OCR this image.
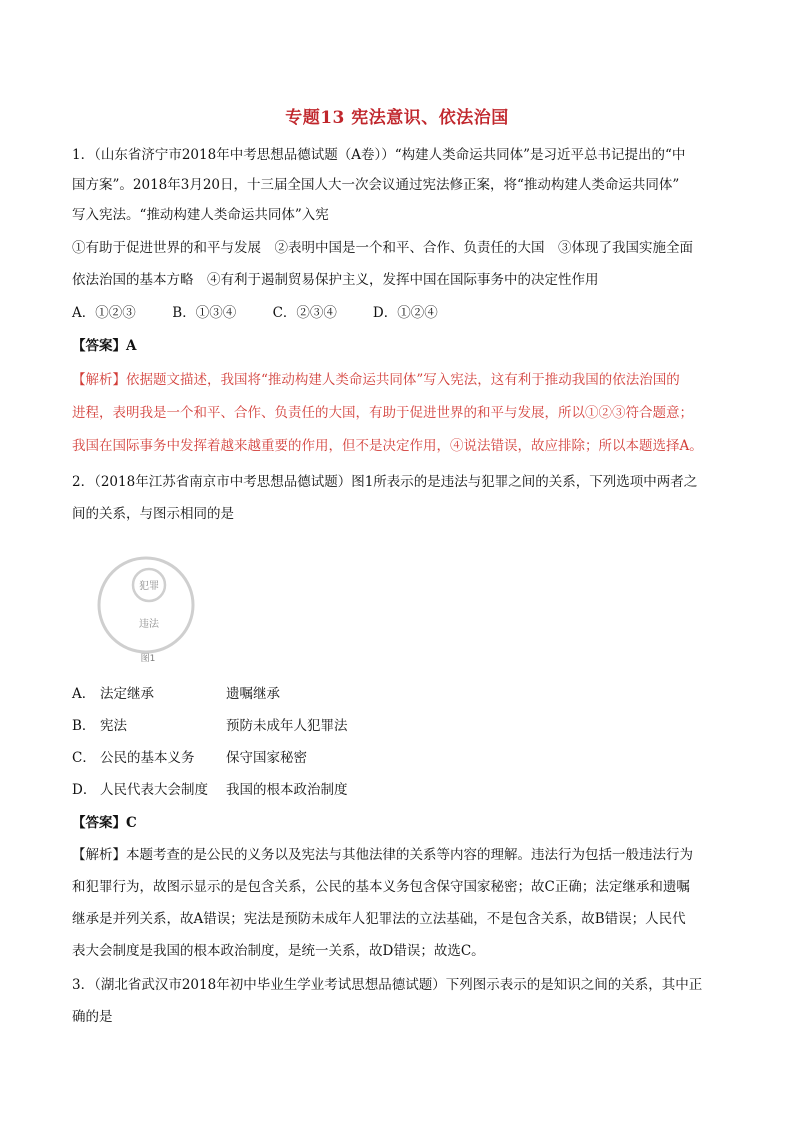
专题13 宪法意识、依法治国
1．（山东省济宁市2018年中考思想品德试题（A卷））“构建人类命运共同体”是习近平总书记提出的“中
国方案”。2018年3月20日，十三届全国人大一次会议通过宪法修正案，将“推动构建人类命运共同体”
写入宪法。“推动构建人类命运共同体”入宪
①有助于促进世界的和平与发展　②表明中国是一个和平、合作、负责任的大国　③体现了我国实施全面
依法治国的基本方略　④有利于遏制贸易保护主义，发挥中国在国际事务中的决定性作用
A．①②③	B．①③④	C．②③④	D．①②④
【答案】A
【解析】依据题文描述，我国将“推动构建人类命运共同体”写入宪法，这有利于推动我国的依法治国的
进程，表明我是一个和平、合作、负责任的大国，有助于促进世界的和平与发展，所以①②③符合题意；
我国在国际事务中发挥着越来越重要的作用，但不是决定作用，④说法错误，故应排除；所以本题选择A。
2．（2018年江苏省南京市中考思想品德试题）图1所表示的是违法与犯罪之间的关系，下列选项中两者之
间的关系，与图示相同的是
犯罪
违法
图1
A． 法定继承	遗嘱继承
B． 宪法	预防未成年人犯罪法
C． 公民的基本义务 保守国家秘密
D． 人民代表大会制度 我国的根本政治制度
【答案】C
【解析】本题考查的是公民的义务以及宪法与其他法律的关系等内容的理解。违法行为包括一般违法行为
和犯罪行为，故图示显示的是包含关系，公民的基本义务包含保守国家秘密；故C正确；法定继承和遗嘱
继承是并列关系，故A错误；宪法是预防未成年人犯罪法的立法基础，不是包含关系，故B错误；人民代
表大会制度是我国的根本政治制度，是统一关系，故D错误；故选C。
3．（湖北省武汉市2018年初中毕业生学业考试思想品德试题）下列图示表示的是知识之间的关系，其中正
确的是
